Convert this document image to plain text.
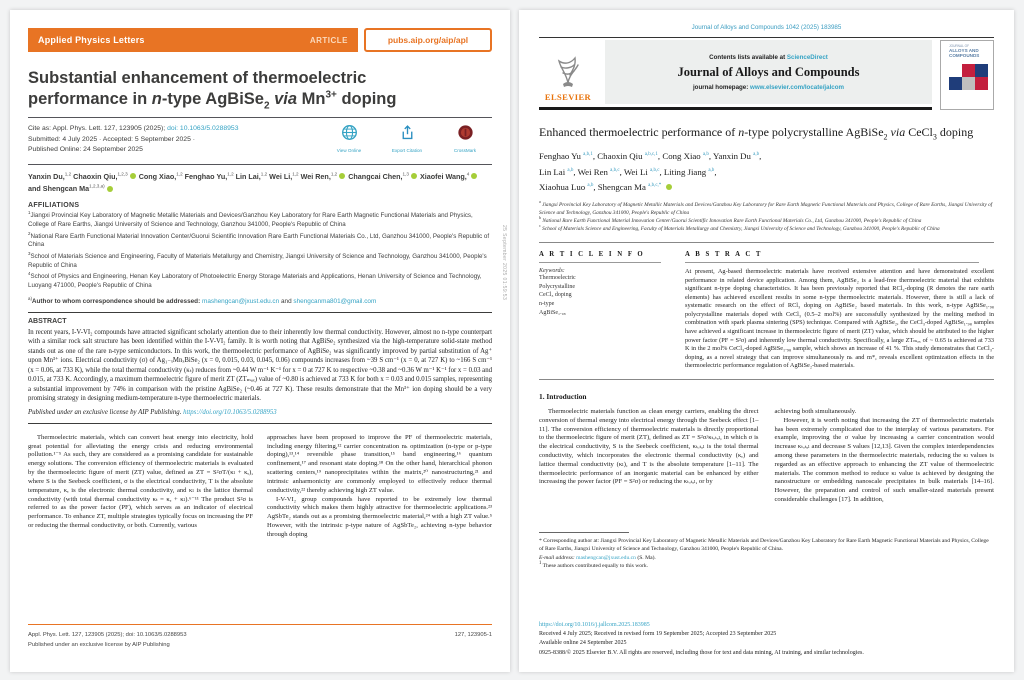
Applied Physics Letters	ARTICLE	pubs.aip.org/aip/apl
Substantial enhancement of thermoelectric
performance in n-type AgBiSe$_2$ via $Mn^{3+}$ doping
Cite as: Appl. Phys. Lett. 127, 123905 (2025); doi: 10.1063/5.0288953
Submitted: 4 July 2025 · Accepted: 5 September 2025 ·
Published Online: 24 September 2025	View Online	Export Citation	CrossMark
Yanxin Du,$^{1,2}$ Chaoxin Qiu,$^{1,2,3}$ Cong Xiao,$^{1,2}$ Fenghao Yu,$^{1,2}$ Lin Lai,$^{1,2}$ Wei Li,$^{1,2}$ Wei Ren,$^{1,2}$ Changcai Chen,$^{1,3}$ Xiaofei Wang,$^4$ and Shengcan Ma$^{1,2,3,a)}$
AFFILIATIONS
$^1$Jiangxi Provincial Key Laboratory of Magnetic Metallic Materials and Devices/Ganzhou Key Laboratory for Rare Earth Magnetic Functional Materials and Physics, College of Rare Earths, Jiangxi University of Science and Technology, Ganzhou 341000, People's Republic of China
$^2$National Rare Earth Functional Material Innovation Center/Guorui Scientific Innovation Rare Earth Functional Materials Co., Ltd, Ganzhou 341000, People's Republic of China
$^3$School of Materials Science and Engineering, Faculty of Materials Metallurgy and Chemistry, Jiangxi University of Science and Technology, Ganzhou 341000, People's Republic of China
$^4$School of Physics and Engineering, Henan Key Laboratory of Photoelectric Energy Storage Materials and Applications, Henan University of Science and Technology, Luoyang 471000, People's Republic of China
$^{a)}$Author to whom correspondence should be addressed: mashengcan@jxust.edu.cn and shengcanma801@gmail.com
ABSTRACT
In recent years, I-V-VI₂ compounds have attracted significant scholarly attention due to their inherently low thermal conductivity. However, almost no n-type counterpart with a similar rock salt structure has been identified within the I-V-VI₂ family. It is worth noting that AgBiSe₂ synthesized via the high-temperature solid-state method stands out as one of the rare n-type semiconductors. In this work, the thermoelectric performance of AgBiSe₂ was significantly improved by partial substitution of Ag⁺ upon Mn³⁺ ions. Electrical conductivity (σ) of Ag₁₋ₓMnₓBiSe₂ (x = 0, 0.015, 0.03, 0.045, 0.06) compounds increases from ~39 S cm⁻¹ (x = 0, at 727 K) to ~166 S cm⁻¹ (x = 0.06, at 733 K), while the total thermal conductivity (κₜ) reduces from ~0.44 W m⁻¹ K⁻¹ for x = 0 at 727 K to respective ~0.38 and ~0.36 W m⁻¹ K⁻¹ for x = 0.03 and 0.015, at 733 K. Accordingly, a maximum thermoelectric figure of merit ZT (ZTₘₐₓ) value of ~0.80 is achieved at 733 K for both x = 0.03 and 0.015 samples, representing a substantial improvement by 74% in comparison with the pristine AgBiSe₂ (~0.46 at 727 K). These results demonstrate that the Mn³⁺ ion doping should be a very promising strategy in designing medium-temperature n-type thermoelectric materials.
Published under an exclusive license by AIP Publishing. https://doi.org/10.1063/5.0288953

Thermoelectric materials, which can convert heat energy into electricity, hold great potential for alleviating the energy crisis and reducing environmental pollution.¹⁻⁵ As such, they are considered as a promising candidate for sustainable energy solutions. The conversion efficiency of thermoelectric materials is evaluated by the thermoelectric figure of merit (ZT) value, defined as ZT = S²σT/(κₗ + κₑ), where S is the Seebeck coefficient, σ is the electrical conductivity, T is the absolute temperature, κₑ is the electronic thermal conductivity, and κₗ is the lattice thermal conductivity (with total thermal conductivity κₜ = κₑ + κₗ).⁶⁻¹¹ The product S²σ is referred to as the power factor (PF), which serves as an indicator of electrical performance. To enhance ZT, multiple strategies typically focus on increasing the PF or reducing the thermal conductivity, or both. Currently, various

approaches have been proposed to improve the PF of thermoelectric materials, including energy filtering,¹² carrier concentration nₕ optimization (n-type or p-type doping),¹³,¹⁴ reversible phase transition,¹⁵ band engineering,¹⁶ quantum confinement,¹⁷ and resonant state doping.¹⁸ On the other hand, hierarchical phonon scattering centers,¹⁹ nanoprecipitates within the matrix,²⁰ nanostructuring,²¹ and intrinsic anharmonicity are commonly employed to effectively reduce thermal conductivity,²² thereby achieving high ZT value.

I-V-VI₂ group compounds have reported to be extremely low thermal conductivity which makes them highly attractive for thermoelectric applications.²³ AgSbTe₂ stands out as a promising thermoelectric material,²⁴ with a high ZT value.⁵ However, with the intrinsic p-type nature of AgSbTe₂, achieving n-type behavior through doping

Appl. Phys. Lett. 127, 123905 (2025); doi: 10.1063/5.0288953
Published under an exclusive license by AIP Publishing
127, 123905-1
25 September 2025 01:59:53
Journal of Alloys and Compounds 1042 (2025) 183985
ELSEVIER
Contents lists available at ScienceDirect
Journal of Alloys and Compounds
journal homepage: www.elsevier.com/locate/jalcom
JOURNAL OF
ALLOYS AND
COMPOUNDS
Enhanced thermoelectric performance of n-type polycrystalline AgBiSe$_2$ via CeCl$_3$ doping
Fenghao Yu $^{a,b,1}$, Chaoxin Qiu $^{a,b,c,1}$, Cong Xiao $^{a,b}$, Yanxin Du $^{a,b}$,
Lin Lai $^{a,b}$, Wei Ren $^{a,b,c}$, Wei Li $^{a,b,c}$, Liting Jiang $^{a,b}$,
Xiaohua Luo $^{a,b}$, Shengcan Ma $^{a,b,c,*}$
$^a$ Jiangxi Provincial Key Laboratory of Magnetic Metallic Materials and Devices/Ganzhou Key Laboratory for Rare Earth Magnetic Functional Materials and Physics, College of Rare Earths, Jiangxi University of Science and Technology, Ganzhou 341000, People's Republic of China
$^b$ National Rare Earth Functional Material Innovation Center/Guorui Scientific Innovation Rare Earth Functional Materials Co., Ltd, Ganzhou 341000, People's Republic of China
$^c$ School of Materials Science and Engineering, Faculty of Materials Metallurgy and Chemistry, Jiangxi University of Science and Technology, Ganzhou 341000, People's Republic of China
A R T I C L E I N F O
Keywords:
Thermoelectric
Polycrystalline
CeCl₃ doping
n-type
AgBiSe₁.₉₈
A B S T R A C T
At present, Ag-based thermoelectric materials have received extensive attention and have demonstrated excellent performance in related device application. Among them, AgBiSe₂ is a lead-free thermoelectric material that exhibits significant n-type doping characteristics. It has been previously reported that RCl₃-doping (R denotes the rare earth elements) has achieved excellent results in some n-type thermoelectric materials. However, there is still a lack of systematic research on the effect of RCl₃ doping on AgBiSe₂ based materials. In this work, n-type AgBiSe₁.₉₈ polycrystalline materials doped with CeCl₃ (0.5–2 mol%) are successfully synthesized by the melting method in combination with spark plasma sintering (SPS) technique. Compared with AgBiSe₂, the CeCl₃-doped AgBiSe₁.₉₈ samples have achieved a significant increase in thermoelectric figure of merit (ZT) value, which should be attributed to the higher power factor (PF = S²σ) and inherently low thermal conductivity. Specifically, a large ZTₘₐₓ of ~ 0.65 is achieved at 733 K in the 2 mol% CeCl₃-doped AgBiSe₁.₉₈ sample, which shows an increase of 41 %. This study demonstrates that CeCl₃-doping, as a novel strategy that can improve simultaneously nₕ and m*, reveals excellent optimization effects in the thermoelectric performance regulation of AgBiSe₂-based materials.
1. Introduction

Thermoelectric materials function as clean energy carriers, enabling the direct conversion of thermal energy into electrical energy through the Seebeck effect [1–11]. The conversion efficiency of thermoelectric materials is directly proportional to the thermoelectric figure of merit (ZT), defined as ZT = S²σ/κₜₒₜₐₗ, in which σ is the electrical conductivity, S is the Seebeck coefficient, κₜₒₜₐₗ is the total thermal conductivity, which incorporates the electronic thermal conductivity (κₑ) and lattice thermal conductivity (κₗ), and T is the absolute temperature [1–11]. The thermoelectric performance of an inorganic material can be enhanced by either increasing the power factor (PF = S²σ) or reducing the κₜₒₜₐₗ, or by

achieving both simultaneously.

However, it is worth noting that increasing the ZT of thermoelectric materials has been extremely complicated due to the interplay of various parameters. For example, improving the σ value by increasing a carrier concentration would increase κₜₒₜₐₗ and decrease S values [12,13]. Given the complex interdependencies among these parameters in the thermoelectric materials, reducing the κₗ values is regarded as an effective approach to enhancing the ZT value of thermoelectric materials. The common method to reduce κₗ value is achieved by designing the nanostructure or embedding nanoscale precipitates in bulk materials [14–16]. However, the preparation and control of such smaller-sized materials present considerable challenges [17]. In addition,

* Corresponding author at: Jiangxi Provincial Key Laboratory of Magnetic Metallic Materials and Devices/Ganzhou Key Laboratory for Rare Earth Magnetic Functional Materials and Physics, College of Rare Earths, Jiangxi University of Science and Technology, Ganzhou 341000, People's Republic of China.
E-mail address: mashengcan@jxust.edu.cn (S. Ma).
$^1$ These authors contributed equally to this work.
https://doi.org/10.1016/j.jallcom.2025.183985
Received 4 July 2025; Received in revised form 19 September 2025; Accepted 23 September 2025
Available online 24 September 2025
0925-8388/© 2025 Elsevier B.V. All rights are reserved, including those for text and data mining, AI training, and similar technologies.
